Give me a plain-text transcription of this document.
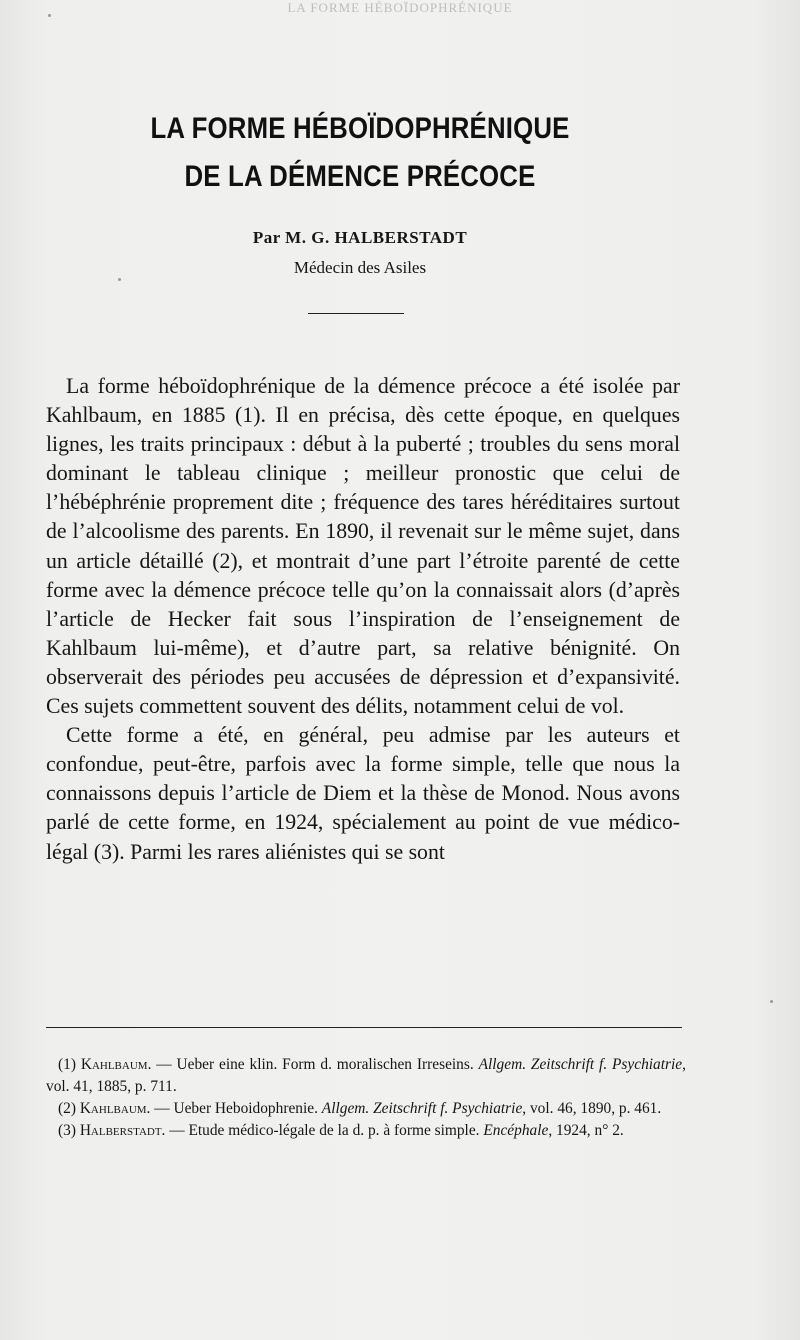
LA FORME HÉBOÏDOPHRÉNIQUE
LA FORME HÉBOÏDOPHRÉNIQUE
DE LA DÉMENCE PRÉCOCE
Par M. G. HALBERSTADT
Médecin des Asiles

La forme héboïdophrénique de la démence précoce a été isolée par Kahlbaum, en 1885 (1). Il en précisa, dès cette époque, en quelques lignes, les traits principaux : début à la puberté ; troubles du sens moral dominant le tableau clinique ; meilleur pronostic que celui de l’hébéphrénie proprement dite ; fréquence des tares héréditaires surtout de l’alcoolisme des parents. En 1890, il revenait sur le même sujet, dans un article détaillé (2), et montrait d’une part l’étroite parenté de cette forme avec la démence précoce telle qu’on la connaissait alors (d’après l’article de Hecker fait sous l’inspiration de l’enseignement de Kahlbaum lui-même), et d’autre part, sa relative bénignité. On observerait des périodes peu accusées de dépression et d’expansivité. Ces sujets commettent souvent des délits, notamment celui de vol.

Cette forme a été, en général, peu admise par les auteurs et confondue, peut-être, parfois avec la forme simple, telle que nous la connaissons depuis l’article de Diem et la thèse de Monod. Nous avons parlé de cette forme, en 1924, spécialement au point de vue médico-légal (3). Parmi les rares aliénistes qui se sont

(1) Kahlbaum. — Ueber eine klin. Form d. moralischen Irreseins. Allgem. Zeitschrift f. Psychiatrie, vol. 41, 1885, p. 711.

(2) Kahlbaum. — Ueber Heboidophrenie. Allgem. Zeitschrift f. Psychiatrie, vol. 46, 1890, p. 461.

(3) Halberstadt. — Etude médico-légale de la d. p. à forme simple. Encéphale, 1924, n° 2.
